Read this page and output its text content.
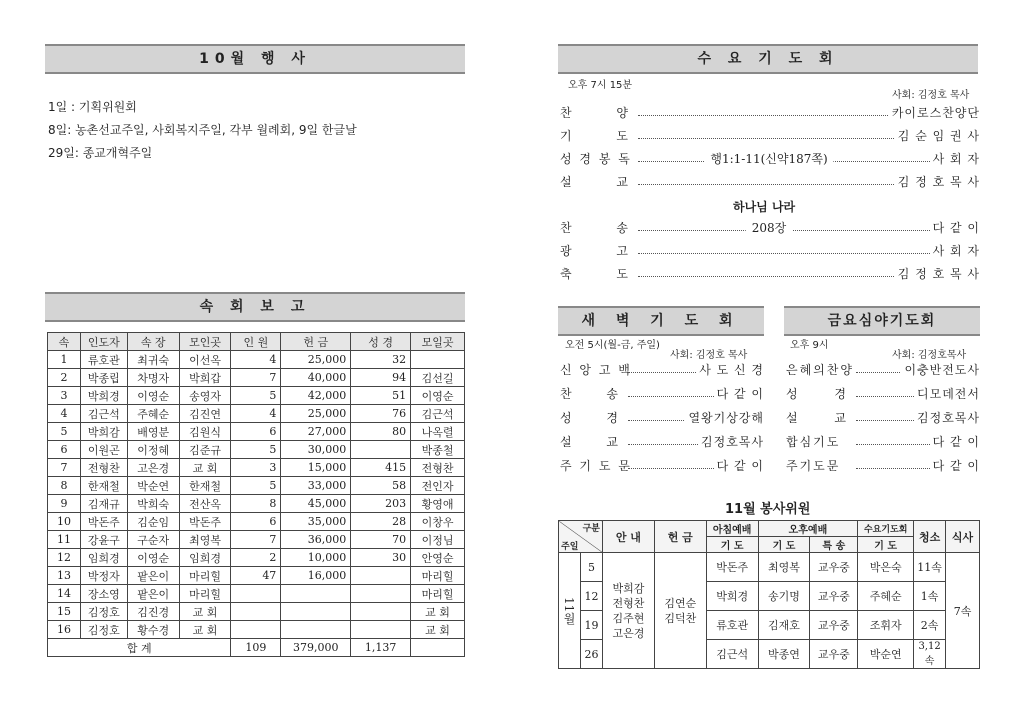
10월 행 사
1일 : 기획위원회
8일: 농촌선교주일, 사회복지주일, 각부 월례회, 9일 한글날
29일: 종교개혁주일
속 회 보 고
속	인도자	속 장	모인곳	인 원	헌 금	성 경	모일곳
1	류호관	최귀숙	이선옥	4	25,000	32	
2	박종립	차명자	박희갑	7	40,000	94	김선길
3	박희경	이영순	송영자	5	42,000	51	이영순
4	김근석	주혜순	김진연	4	25,000	76	김근석
5	박희감	배영분	김원식	6	27,000	80	나옥렬
6	이원곤	이정혜	김준규	5	30,000		박종철
7	전형찬	고은경	교 회	3	15,000	415	전형찬
8	한재철	박순연	한재철	5	33,000	58	전인자
9	김재규	박희숙	전산옥	8	45,000	203	황영애
10	박돈주	김순임	박돈주	6	35,000	28	이창우
11	강윤구	구순자	최영복	7	36,000	70	이정님
12	임희경	이영순	임희경	2	10,000	30	안영순
13	박정자	팥은이	마리힐	47	16,000		마리힐
14	장소영	팥은이	마리힐				마리힐
15	김정호	김진경	교 회				교 회
16	김정호	황수경	교 회				교 회
합 계				109	379,000	1,137	
수 요 기 도 회
오후 7시 15분
사회: 김정호 목사
찬 양	카이로스찬양단
기 도	김 순 임 권 사
성 경 봉 독	행1:1-11(신약187쪽)	사 회 자
설 교	김 정 호 목 사
하나님 나라
찬 송	208장	다 같 이
광 고	사 회 자
축 도	김 정 호 목 사
새 벽 기 도 회
오전 5시(월-금, 주일)
사회: 김정호 목사
신 앙 고 백	사 도 신 경
찬 송	다 같 이
성 경	열왕기상강해
설 교	김정호목사
주 기 도 문	다 같 이
금요심야기도회
오후 9시
사회: 김정호목사
은혜의찬양	이충반전도사
성 경	디모데전서
설 교	김정호목사
합심기도	다 같 이
주기도문	다 같 이
11월 봉사위원
구분
주일		안 내	헌 금	아침예배	오후예배		수요기도회	청소	식사
				기 도	기 도	특 송	기 도		
11월	5	박희감 전형찬 김주현 고은경	김연순 김덕찬	박돈주	최영복	교우중	박은숙	11속	7속
	12			박희경	송기명	교우중	주혜순	1속	
	19			류호관	김재호	교우중	조휘자	2속	
	26			김근석	박종연	교우중	박순연	3,12속	
